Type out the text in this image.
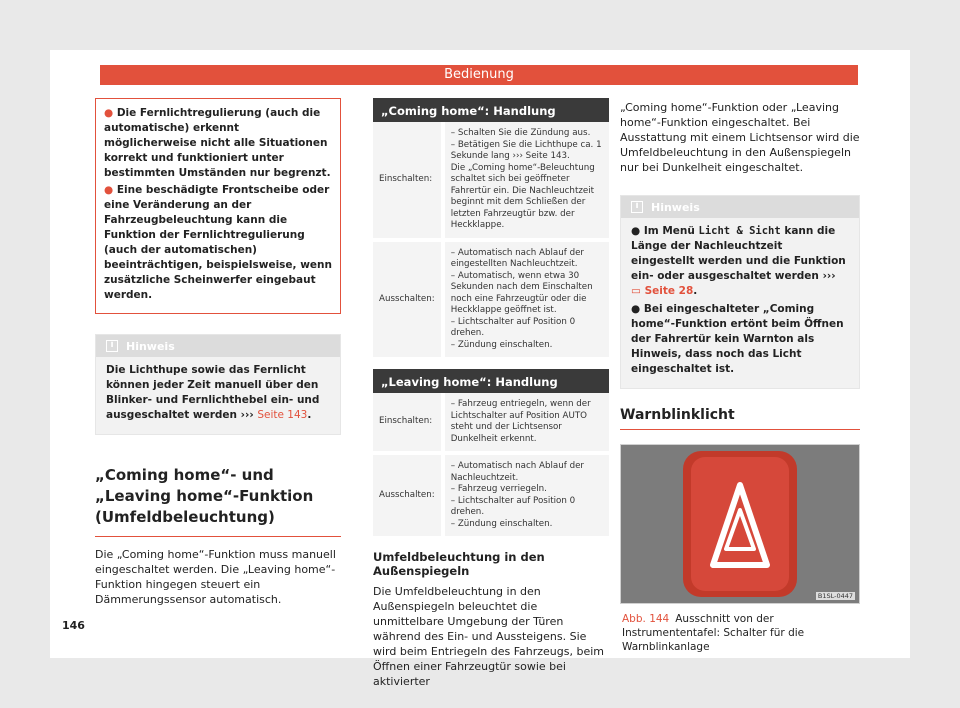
Bedienung

● Die Fernlichtregulierung (auch die automatische) erkennt möglicherweise nicht alle Situationen korrekt und funktioniert unter bestimmten Umständen nur begrenzt.

● Eine beschädigte Frontscheibe oder eine Veränderung an der Fahrzeugbeleuchtung kann die Funktion der Fernlichtregulierung (auch der automatischen) beeinträchtigen, beispielsweise, wenn zusätzliche Scheinwerfer eingebaut werden.

i
Hinweis

Die Lichthupe sowie das Fernlicht können jeder Zeit manuell über den Blinker- und Fernlichthebel ein- und ausgeschaltet werden ››› Seite 143.

„Coming home“- und „Leaving home“-Funktion (Umfeldbeleuchtung)
Die „Coming home“-Funktion muss manuell eingeschaltet werden. Die „Leaving home“-Funktion hingegen steuert ein Dämmerungssensor automatisch.
„Coming home“: Handlung
Einschalten:	– Schalten Sie die Zündung aus.
– Betätigen Sie die Lichthupe ca. 1 Sekunde lang ››› Seite 143.
Die „Coming home“-Beleuchtung schaltet sich bei geöffneter Fahrertür ein. Die Nachleuchtzeit beginnt mit dem Schließen der letzten Fahrzeugtür bzw. der Heckklappe.

Ausschalten:	– Automatisch nach Ablauf der eingestellten Nachleuchtzeit.
– Automatisch, wenn etwa 30 Sekunden nach dem Einschalten noch eine Fahrzeugtür oder die Heckklappe geöffnet ist.
– Lichtschalter auf Position 0 drehen.
– Zündung einschalten.
„Leaving home“: Handlung
Einschalten:	– Fahrzeug entriegeln, wenn der Lichtschalter auf Position AUTO steht und der Lichtsensor Dunkelheit erkennt.

Ausschalten:	– Automatisch nach Ablauf der Nachleuchtzeit.
– Fahrzeug verriegeln.
– Lichtschalter auf Position 0 drehen.
– Zündung einschalten.
Umfeldbeleuchtung in den Außenspiegeln
Die Umfeldbeleuchtung in den Außenspiegeln beleuchtet die unmittelbare Umgebung der Türen während des Ein- und Aussteigens. Sie wird beim Entriegeln des Fahrzeugs, beim Öffnen einer Fahrzeugtür sowie bei aktivierter
„Coming home“-Funktion oder „Leaving home“-Funktion eingeschaltet. Bei Ausstattung mit einem Lichtsensor wird die Umfeldbeleuchtung in den Außenspiegeln nur bei Dunkelheit eingeschaltet.
i
Hinweis

● Im Menü Licht & Sicht kann die Länge der Nachleuchtzeit eingestellt werden und die Funktion ein- oder ausgeschaltet werden ››› ▭ Seite 28.

● Bei eingeschalteter „Coming home“-Funktion ertönt beim Öffnen der Fahrertür kein Warnton als Hinweis, dass noch das Licht eingeschaltet ist.

Warnblinklicht
B1SL-0447
Abb. 144 Ausschnitt von der Instrumententafel: Schalter für die Warnblinkanlage
146
